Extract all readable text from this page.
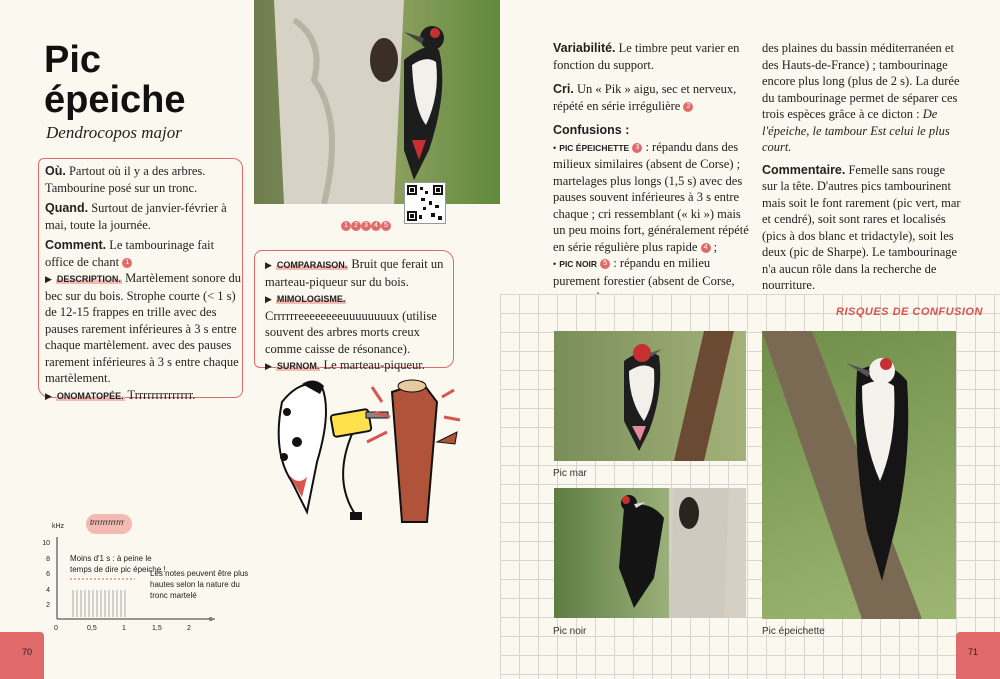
Pic
épeiche
Dendrocopos major

Où. Partout où il y a des arbres. Tambourine posé sur un tronc.

Quand. Surtout de janvier-février à mai, toute la journée.

Comment. Le tambourinage fait office de chant 1

▶ DESCRIPTION. Martèlement sonore du bec sur du bois. Strophe courte (< 1 s) de 12-15 frappes en trille avec des pauses rarement inférieures à 3 s entre chaque martèlement. avec des pauses rarement inférieures à 3 s entre chaque martèlement.

▶ ONOMATOPÉE. Trrrrrrrrrrrrrr.

1 2 3 4 5

▶ COMPARAISON. Bruit que ferait un marteau-piqueur sur du bois.

▶ MIMOLOGISME.
Crrrrrreeeeeeeeuuuuuuuux (utilise souvent des arbres morts creux comme caisse de résonance).

▶ SURNOM. Le marteau-piqueur.

trrrrrrrrrrrr
kHz
10
8
6
4
2
0	0,5	1	1,5	2
s
Moins d'1 s : à peine le temps de dire pic épeiche !
Les notes peuvent être plus hautes selon la nature du tronc martelé
70

Variabilité. Le timbre peut varier en fonction du support.

Cri. Un « Pik » aigu, sec et nerveux, répété en série irrégulière 2

Confusions :

• PIC ÉPEICHETTE 3 : répandu dans des milieux similaires (absent de Corse) ; martelages plus longs (1,5 s) avec des pauses souvent inférieures à 3 s entre chaque ; cri ressemblant (« ki ») mais un peu moins fort, généralement répété en série régulière plus rapide 4 ;

• PIC NOIR 5 : répandu en milieu purement forestier (absent de Corse,

des plaines du bassin méditerranéen et des Hauts-de-France) ; tambourinage encore plus long (plus de 2 s). La durée du tambourinage permet de séparer ces trois espèces grâce à ce dicton : De l'épeiche, le tambour Est celui le plus court.

Commentaire. Femelle sans rouge sur la tête. D'autres pics tambourinent mais soit le font rarement (pic vert, mar et cendré), soit sont rares et localisés (pics à dos blanc et tridactyle), soit les deux (pic de Sharpe). Le tambourinage n'a aucun rôle dans la recherche de nourriture.

RISQUES DE CONFUSION
Pic mar
Pic noir	Pic épeichette
71
